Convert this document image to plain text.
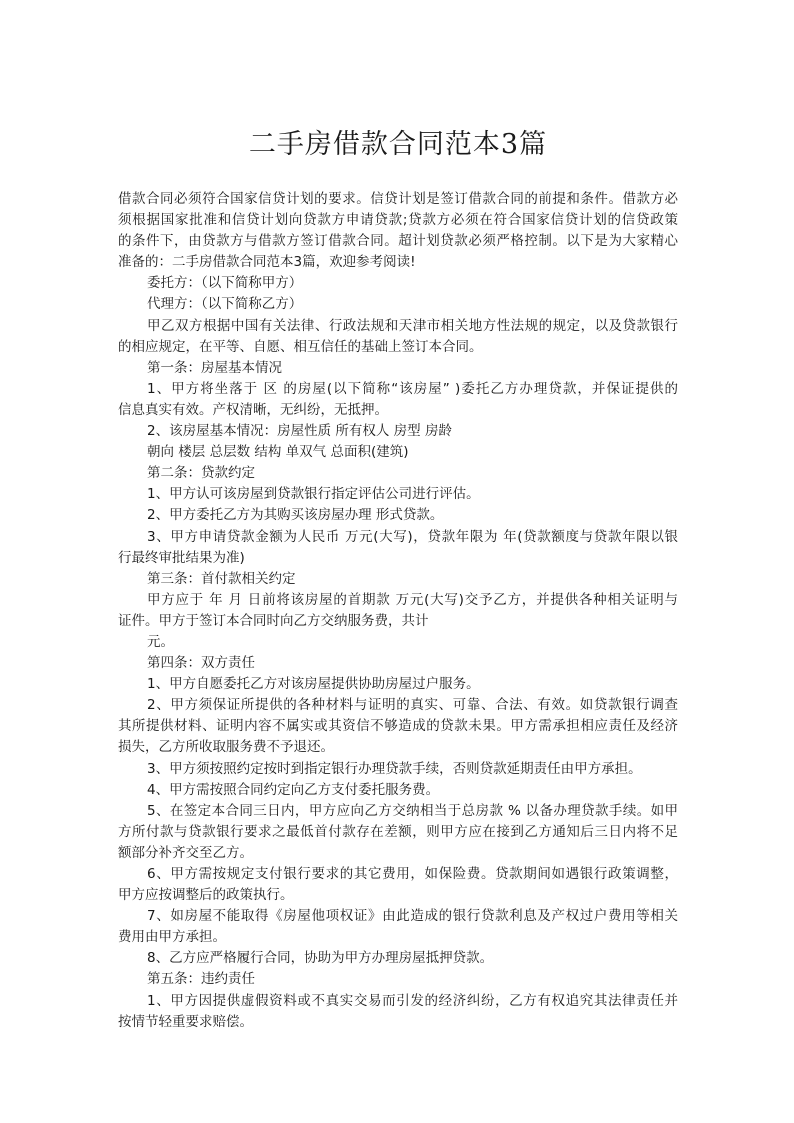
二手房借款合同范本3篇
借款合同必须符合国家信贷计划的要求。信贷计划是签订借款合同的前提和条件。借款方必
须根据国家批准和信贷计划向贷款方申请贷款;贷款方必须在符合国家信贷计划的信贷政策
的条件下，由贷款方与借款方签订借款合同。超计划贷款必须严格控制。以下是为大家精心
准备的：二手房借款合同范本3篇，欢迎参考阅读!
委托方：（以下简称甲方）
代理方：（以下简称乙方）
甲乙双方根据中国有关法律、行政法规和天津市相关地方性法规的规定，以及贷款银行
的相应规定，在平等、自愿、相互信任的基础上签订本合同。
第一条：房屋基本情况
1、甲方将坐落于 区 的房屋(以下简称“该房屋” )委托乙方办理贷款，并保证提供的
信息真实有效。产权清晰，无纠纷，无抵押。
2、该房屋基本情况：房屋性质 所有权人 房型 房龄
朝向 楼层 总层数 结构 单双气 总面积(建筑)
第二条：贷款约定
1、甲方认可该房屋到贷款银行指定评估公司进行评估。
2、甲方委托乙方为其购买该房屋办理 形式贷款。
3、甲方申请贷款金额为人民币 万元(大写)，贷款年限为 年(贷款额度与贷款年限以银
行最终审批结果为准)
第三条：首付款相关约定
甲方应于 年 月 日前将该房屋的首期款 万元(大写)交予乙方，并提供各种相关证明与
证件。甲方于签订本合同时向乙方交纳服务费，共计
元。
第四条：双方责任
1、甲方自愿委托乙方对该房屋提供协助房屋过户服务。
2、甲方须保证所提供的各种材料与证明的真实、可靠、合法、有效。如贷款银行调查
其所提供材料、证明内容不属实或其资信不够造成的贷款未果。甲方需承担相应责任及经济
损失，乙方所收取服务费不予退还。
3、甲方须按照约定按时到指定银行办理贷款手续，否则贷款延期责任由甲方承担。
4、甲方需按照合同约定向乙方支付委托服务费。
5、在签定本合同三日内，甲方应向乙方交纳相当于总房款 % 以备办理贷款手续。如甲
方所付款与贷款银行要求之最低首付款存在差额，则甲方应在接到乙方通知后三日内将不足
额部分补齐交至乙方。
6、甲方需按规定支付银行要求的其它费用，如保险费。贷款期间如遇银行政策调整，
甲方应按调整后的政策执行。
7、如房屋不能取得《房屋他项权证》由此造成的银行贷款利息及产权过户费用等相关
费用由甲方承担。
8、乙方应严格履行合同，协助为甲方办理房屋抵押贷款。
第五条：违约责任
1、甲方因提供虚假资料或不真实交易而引发的经济纠纷，乙方有权追究其法律责任并
按情节轻重要求赔偿。
